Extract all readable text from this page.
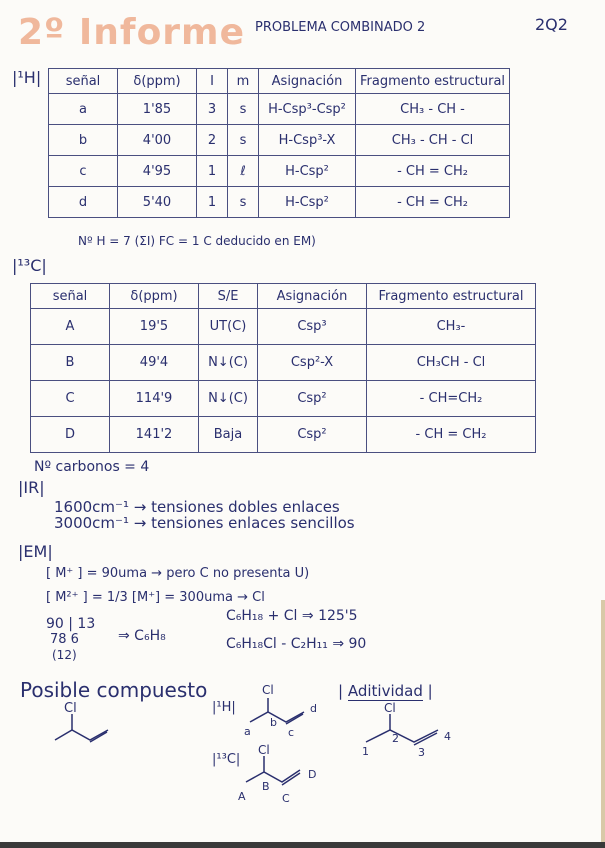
2º Informe PROBLEMA COMBINADO 2	2Q2
|¹H| señal	δ(ppm)	I	m	Asignación	Fragmento estructural
a	1'85	3	s	H-Csp³-Csp²	CH₃ - CH -
b	4'00	2	s	H-Csp³-X	CH₃ - CH - Cl
c	4'95	1	ℓ	H-Csp²	- CH = CH₂
d	5'40	1	s	H-Csp²	- CH = CH₂
Nº H = 7 (ΣI) FC = 1 C deducido en EM)
|¹³C|
señal	δ(ppm)	S/E	Asignación	Fragmento estructural
A	19'5	UT(C)	Csp³	CH₃-
B	49'4	N↓(C)	Csp²-X	CH₃CH - Cl
C	114'9	N↓(C)	Csp²	- CH=CH₂
D	141'2	Baja	Csp²	- CH = CH₂
Nº carbonos = 4
|IR|
1600cm⁻¹ → tensiones dobles enlaces
3000cm⁻¹ → tensiones enlaces sencillos
|EM|
[ M⁺ ] = 90uma → pero C no presenta U)
[ M²⁺ ] = 1/3 [M⁺] = 300uma → Cl
C₆H₁₈ + Cl ⇒ 125'5
C₆H₁₈Cl - C₂H₁₁ ⇒ 90
90 | 13
78 6
(12)
⇒ C₆H₈
Posible compuesto
Cl	|¹H|
Cl
a
b
c
d
| Aditividad |
Cl
1
2
3
4
|¹³C|
Cl
A
B
C
D
